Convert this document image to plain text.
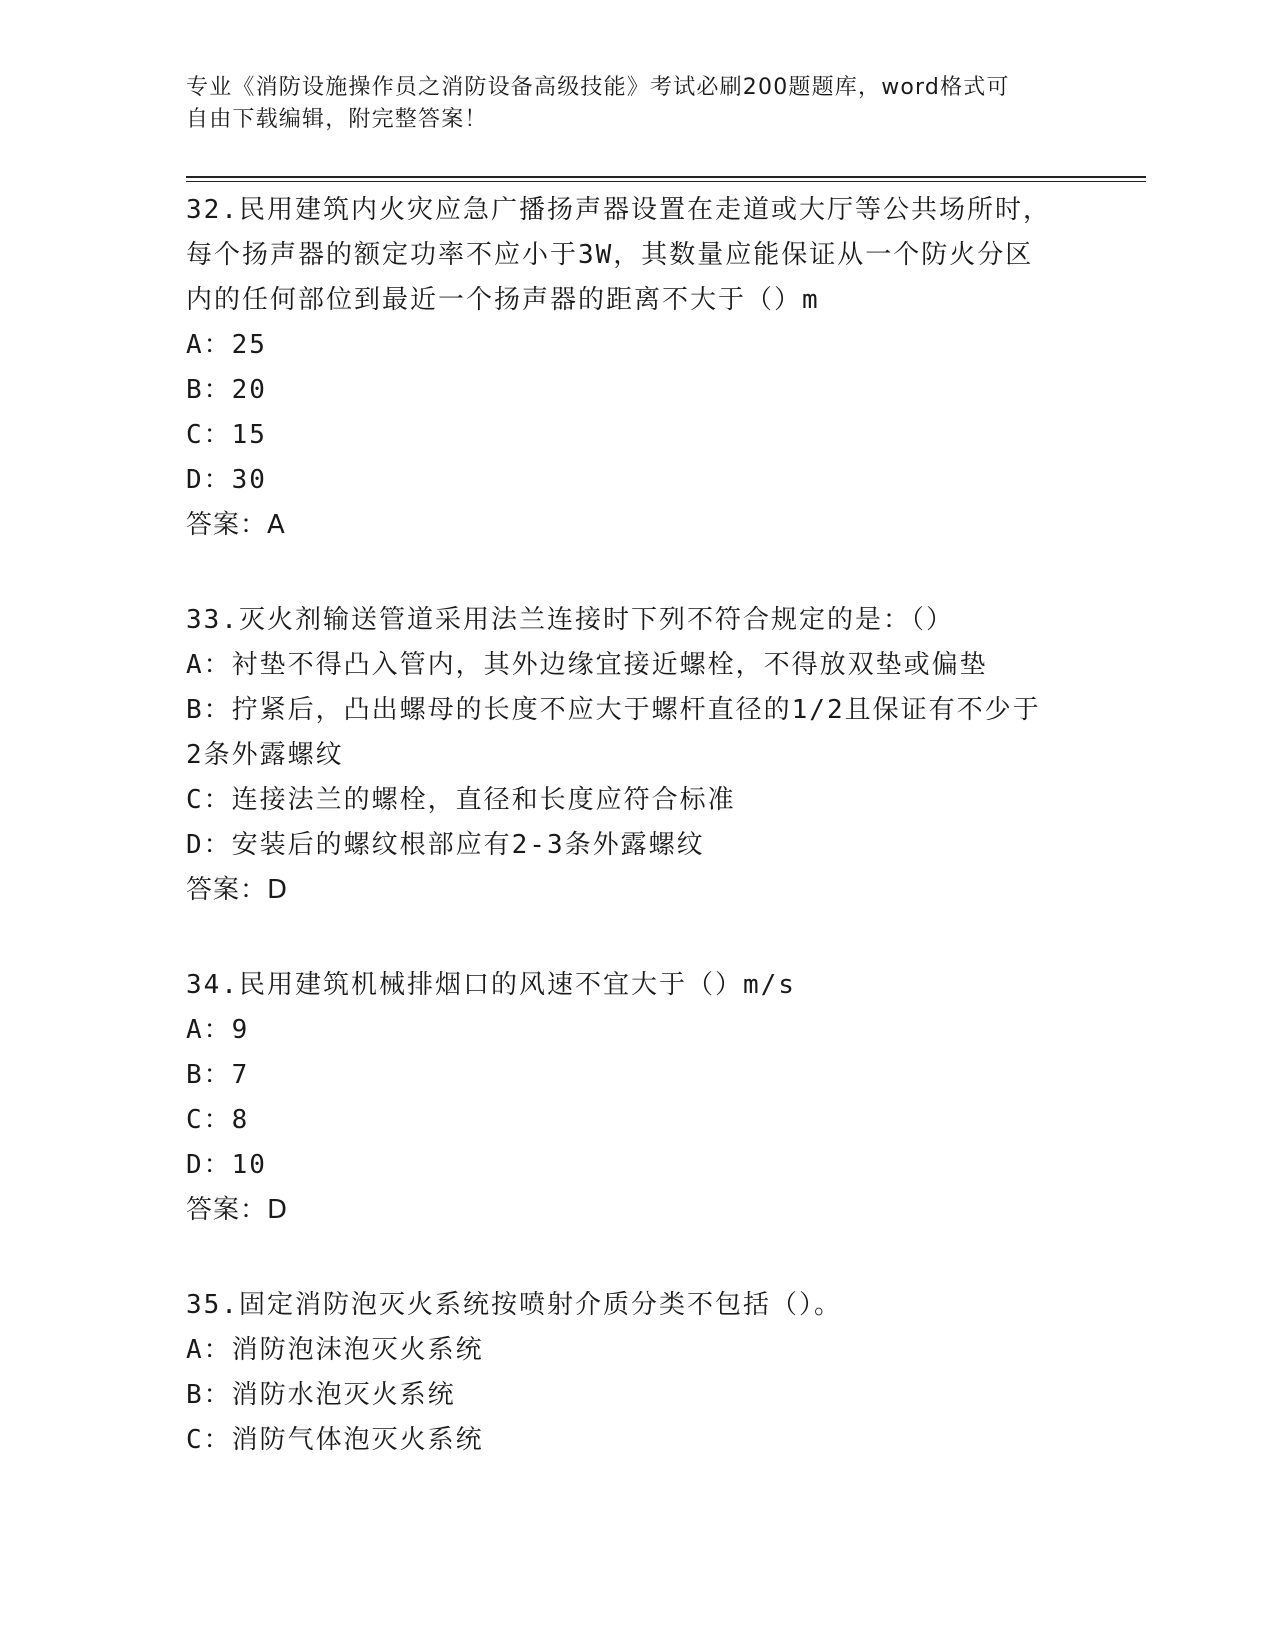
专业《消防设施操作员之消防设备高级技能》考试必刷200题题库，word格式可
自由下载编辑，附完整答案！
32.民用建筑内火灾应急广播扬声器设置在走道或大厅等公共场所时，
每个扬声器的额定功率不应小于3W，其数量应能保证从一个防火分区
内的任何部位到最近一个扬声器的距离不大于（）m
A：25
B：20
C：15
D：30
答案：A
33.灭火剂输送管道采用法兰连接时下列不符合规定的是：（）
A：衬垫不得凸入管内，其外边缘宜接近螺栓，不得放双垫或偏垫
B：拧紧后，凸出螺母的长度不应大于螺杆直径的1/2且保证有不少于
2条外露螺纹
C：连接法兰的螺栓，直径和长度应符合标准
D：安装后的螺纹根部应有2-3条外露螺纹
答案：D
34.民用建筑机械排烟口的风速不宜大于（）m/s
A：9
B：7
C：8
D：10
答案：D
35.固定消防泡灭火系统按喷射介质分类不包括（）。
A：消防泡沫泡灭火系统
B：消防水泡灭火系统
C：消防气体泡灭火系统
